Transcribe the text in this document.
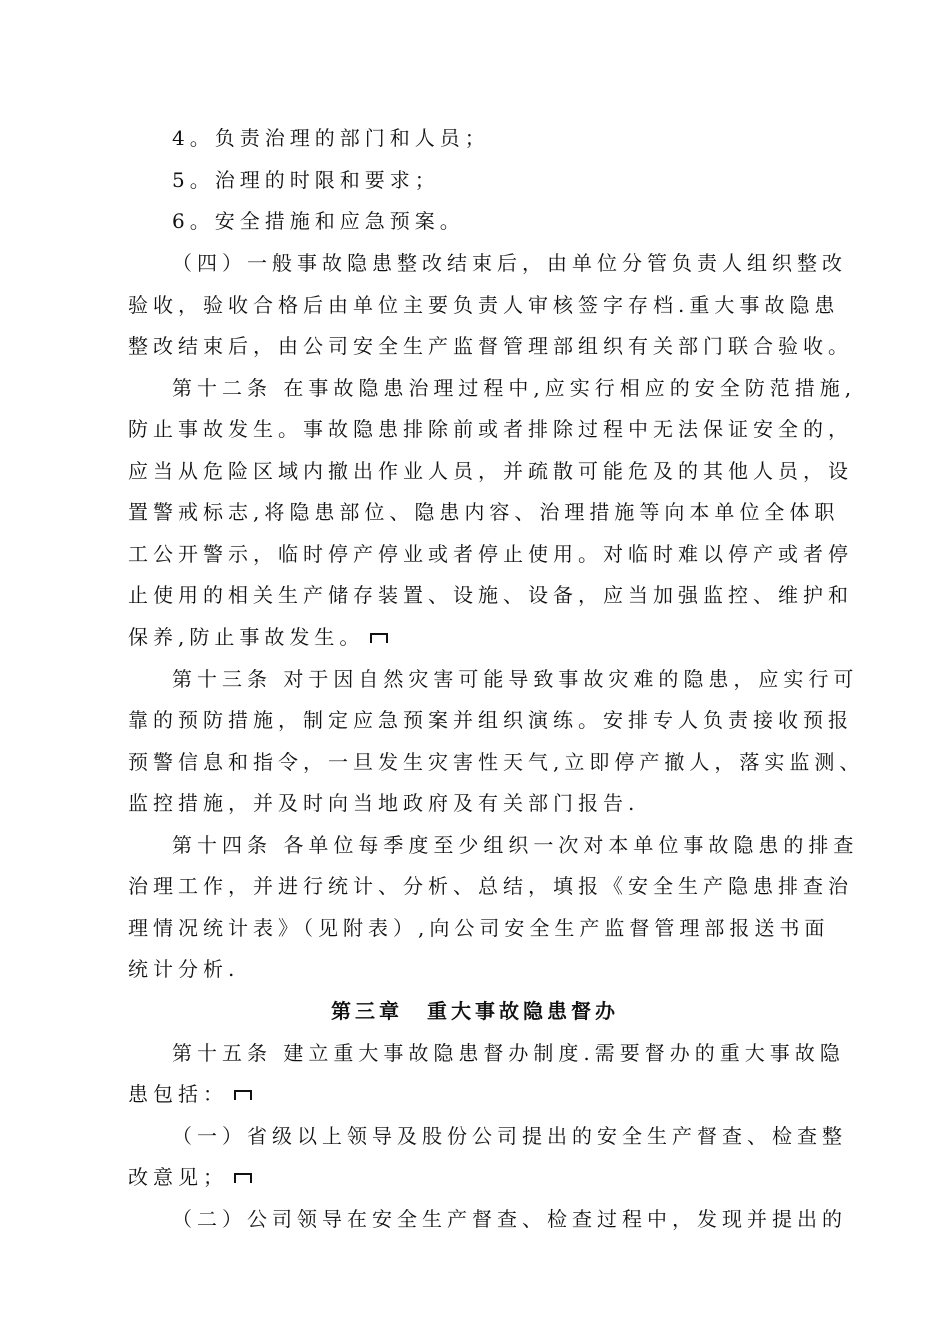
4。负责治理的部门和人员；
5。治理的时限和要求；
6。安全措施和应急预案。
（四）一般事故隐患整改结束后，由单位分管负责人组织整改
验收，验收合格后由单位主要负责人审核签字存档.重大事故隐患
整改结束后，由公司安全生产监督管理部组织有关部门联合验收。
第十二条 在事故隐患治理过程中,应实行相应的安全防范措施,
防止事故发生。事故隐患排除前或者排除过程中无法保证安全的，
应当从危险区域内撤出作业人员，并疏散可能危及的其他人员，设
置警戒标志,将隐患部位、隐患内容、治理措施等向本单位全体职
工公开警示，临时停产停业或者停止使用。对临时难以停产或者停
止使用的相关生产储存装置、设施、设备，应当加强监控、维护和
保养,防止事故发生。
第十三条 对于因自然灾害可能导致事故灾难的隐患，应实行可
靠的预防措施，制定应急预案并组织演练。安排专人负责接收预报
预警信息和指令，一旦发生灾害性天气,立即停产撤人，落实监测、
监控措施，并及时向当地政府及有关部门报告.
第十四条 各单位每季度至少组织一次对本单位事故隐患的排查
治理工作，并进行统计、分析、总结，填报《安全生产隐患排查治
理情况统计表》（见附表）,向公司安全生产监督管理部报送书面
统计分析.
第三章　重大事故隐患督办
第十五条 建立重大事故隐患督办制度.需要督办的重大事故隐
患包括：
（一）省级以上领导及股份公司提出的安全生产督查、检查整
改意见；
（二）公司领导在安全生产督查、检查过程中，发现并提出的
